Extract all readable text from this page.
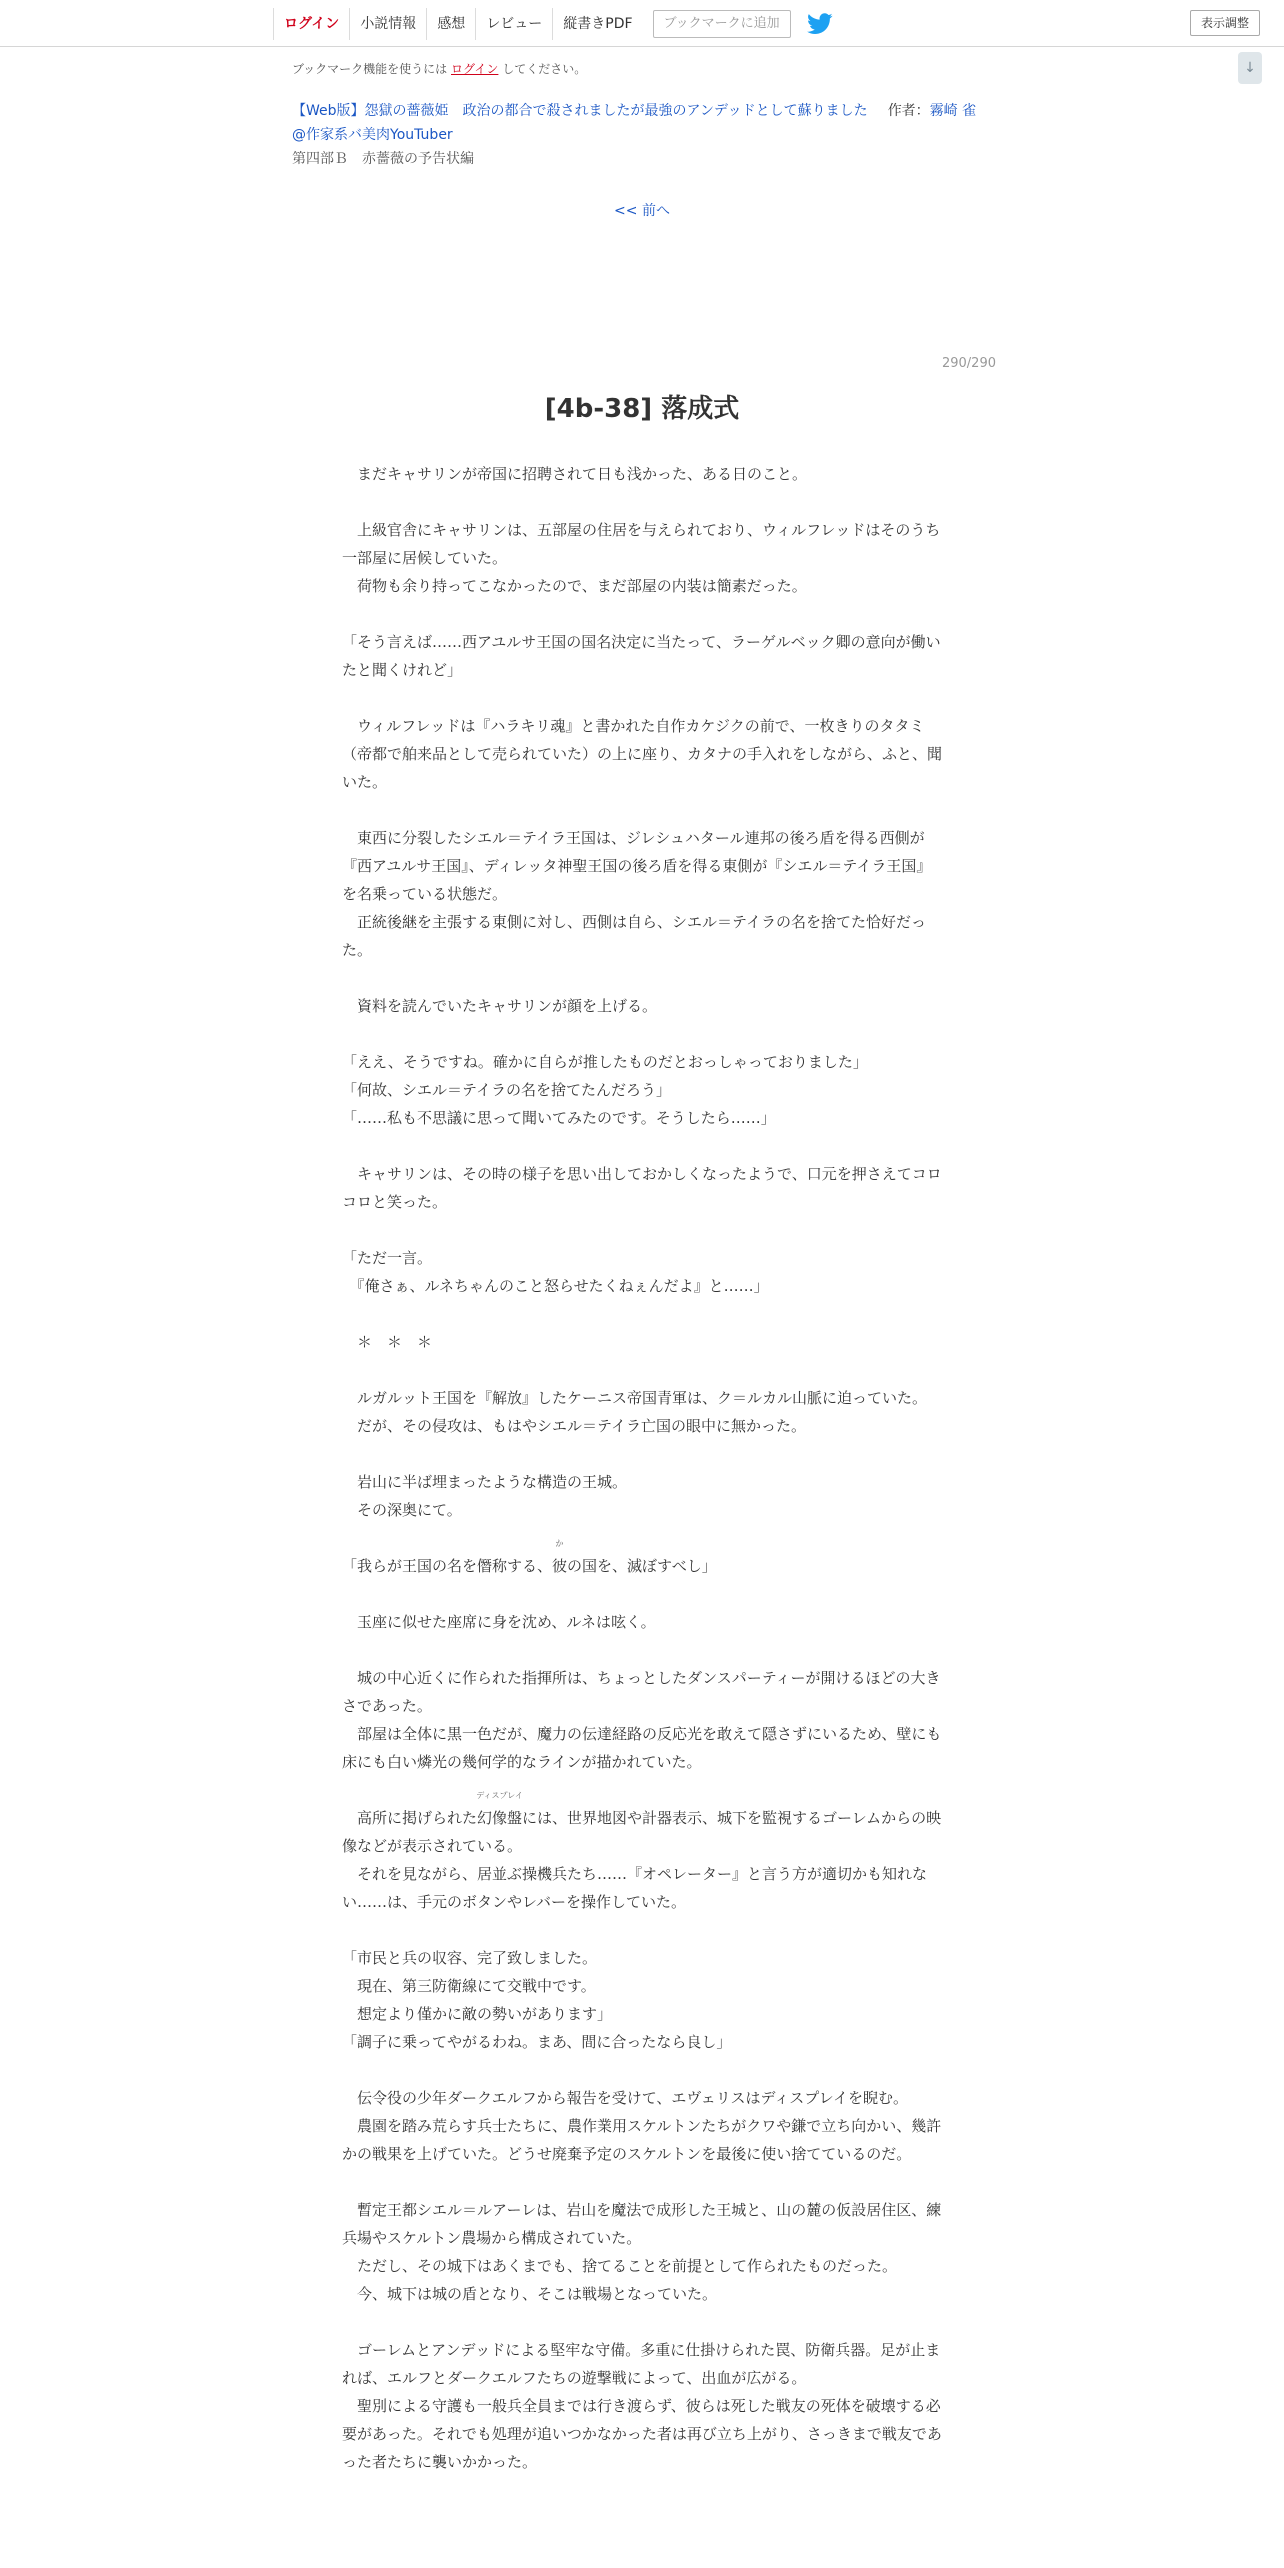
ログイン	小説情報	感想	レビュー	縦書きPDF	ブックマークに追加	表示調整
↓
ブックマーク機能を使うには ログイン してください。
【Web版】怨獄の薔薇姫　政治の都合で殺されましたが最強のアンデッドとして蘇りました 作者：霧崎 雀
@作家系バ美肉YouTuber
第四部Ｂ　赤薔薇の予告状編
<< 前へ
290/290
[4b-38] 落成式
　まだキャサリンが帝国に招聘されて日も浅かった、ある日のこと。
　上級官舎にキャサリンは、五部屋の住居を与えられており、ウィルフレッドはそのうち一部屋に居候していた。
　荷物も余り持ってこなかったので、まだ部屋の内装は簡素だった。
「そう言えば……西アユルサ王国の国名決定に当たって、ラーゲルベック卿の意向が働いたと聞くけれど」
　ウィルフレッドは『ハラキリ魂』と書かれた自作カケジクの前で、一枚きりのタタミ（帝都で舶来品として売られていた）の上に座り、カタナの手入れをしながら、ふと、聞いた。
　東西に分裂したシエル＝テイラ王国は、ジレシュハタール連邦の後ろ盾を得る西側が『西アユルサ王国』、ディレッタ神聖王国の後ろ盾を得る東側が『シエル＝テイラ王国』を名乗っている状態だ。
　正統後継を主張する東側に対し、西側は自ら、シエル＝テイラの名を捨てた恰好だった。
　資料を読んでいたキャサリンが顔を上げる。
「ええ、そうですね。確かに自らが推したものだとおっしゃっておりました」
「何故、シエル＝テイラの名を捨てたんだろう」
「……私も不思議に思って聞いてみたのです。そうしたら……」
　キャサリンは、その時の様子を思い出しておかしくなったようで、口元を押さえてコロコロと笑った。
「ただ一言。
　『俺さぁ、ルネちゃんのこと怒らせたくねぇんだよ』と……」
　＊　＊　＊
　ルガルット王国を『解放』したケーニス帝国青軍は、ク＝ルカル山脈に迫っていた。
　だが、その侵攻は、もはやシエル＝テイラ亡国の眼中に無かった。
　岩山に半ば埋まったような構造の王城。
　その深奥にて。
「我らが王国の名を僭称する、彼
か
の国を、滅ぼすべし」
　玉座に似せた座席に身を沈め、ルネは呟く。
　城の中心近くに作られた指揮所は、ちょっとしたダンスパーティーが開けるほどの大きさであった。
　部屋は全体に黒一色だが、魔力の伝達経路の反応光を敢えて隠さずにいるため、壁にも床にも白い燐光の幾何学的なラインが描かれていた。
　高所に掲げられた幻像盤
ディスプレイ
には、世界地図や計器表示、城下を監視するゴーレムからの映像などが表示されている。
　それを見ながら、居並ぶ操機兵たち……『オペレーター』と言う方が適切かも知れない……は、手元のボタンやレバーを操作していた。
「市民と兵の収容、完了致しました。
　現在、第三防衛線にて交戦中です。
　想定より僅かに敵の勢いがあります」
「調子に乗ってやがるわね。まあ、間に合ったなら良し」
　伝令役の少年ダークエルフから報告を受けて、エヴェリスはディスプレイを睨む。
　農園を踏み荒らす兵士たちに、農作業用スケルトンたちがクワや鎌で立ち向かい、幾許かの戦果を上げていた。どうせ廃棄予定のスケルトンを最後に使い捨てているのだ。
　暫定王都シエル＝ルアーレは、岩山を魔法で成形した王城と、山の麓の仮設居住区、練兵場やスケルトン農場から構成されていた。
　ただし、その城下はあくまでも、捨てることを前提として作られたものだった。
　今、城下は城の盾となり、そこは戦場となっていた。
　ゴーレムとアンデッドによる堅牢な守備。多重に仕掛けられた罠、防衛兵器。足が止まれば、エルフとダークエルフたちの遊撃戦によって、出血が広がる。
　聖別による守護も一般兵全員までは行き渡らず、彼らは死した戦友の死体を破壊する必要があった。それでも処理が追いつかなかった者は再び立ち上がり、さっきまで戦友であった者たちに襲いかかった。
